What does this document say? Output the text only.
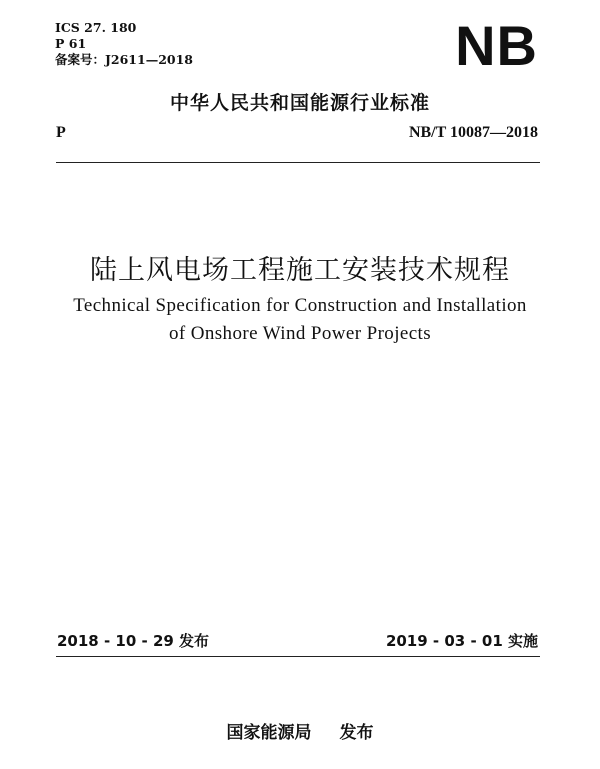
ICS 27. 180
P 61
备案号：J2611—2018	NB
中华人民共和国能源行业标准
P	NB/T 10087—2018
陆上风电场工程施工安装技术规程
Technical Specification for Construction and Installation
of Onshore Wind Power Projects
2018 - 10 - 29 发布	2019 - 03 - 01 实施
国家能源局 发布
